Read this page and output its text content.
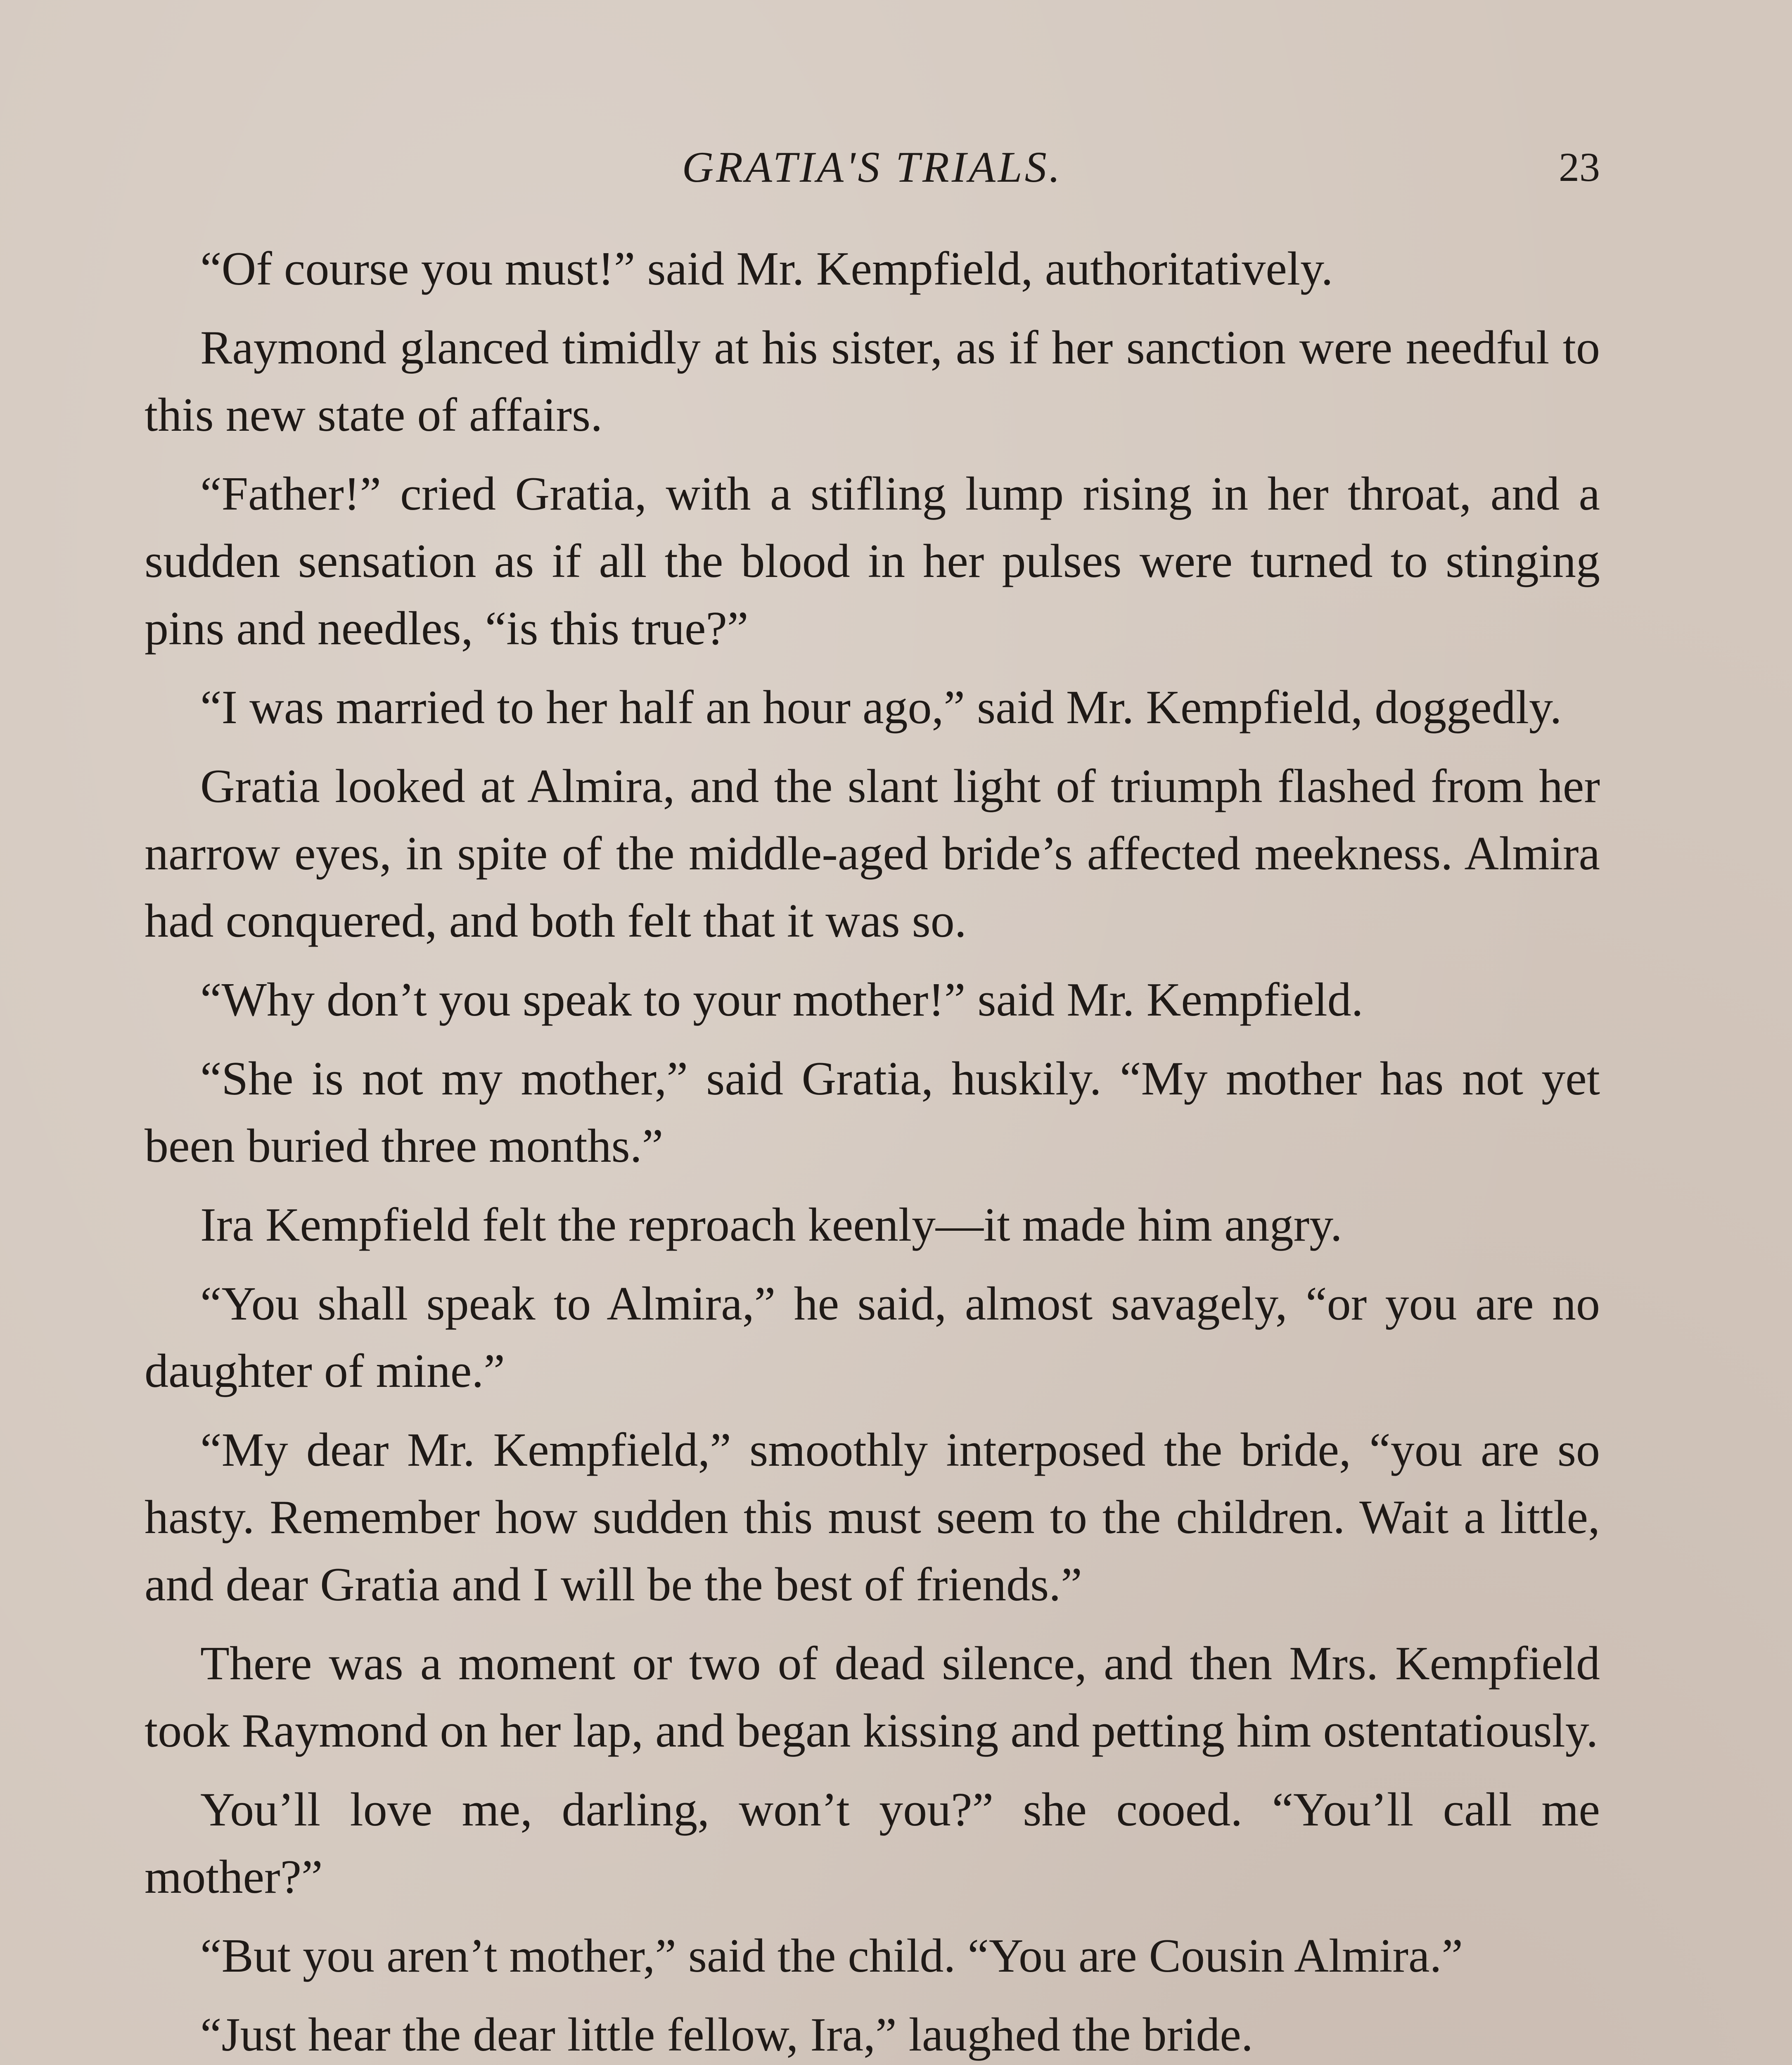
GRATIA'S TRIALS.	23

“Of course you must!” said Mr. Kempfield, authoritatively.

Raymond glanced timidly at his sister, as if her sanction were needful to this new state of affairs.

“Father!” cried Gratia, with a stifling lump rising in her throat, and a sudden sensation as if all the blood in her pulses were turned to stinging pins and needles, “is this true?”

“I was married to her half an hour ago,” said Mr. Kempfield, doggedly.

Gratia looked at Almira, and the slant light of triumph flashed from her narrow eyes, in spite of the middle-aged bride’s affected meekness. Almira had conquered, and both felt that it was so.

“Why don’t you speak to your mother!” said Mr. Kempfield.

“She is not my mother,” said Gratia, huskily. “My mother has not yet been buried three months.”

Ira Kempfield felt the reproach keenly—it made him angry.

“You shall speak to Almira,” he said, almost savagely, “or you are no daughter of mine.”

“My dear Mr. Kempfield,” smoothly interposed the bride, “you are so hasty. Remember how sudden this must seem to the children. Wait a little, and dear Gratia and I will be the best of friends.”

There was a moment or two of dead silence, and then Mrs. Kempfield took Raymond on her lap, and began kissing and petting him ostentatiously.

You’ll love me, darling, won’t you?” she cooed. “You’ll call me mother?”

“But you aren’t mother,” said the child. “You are Cousin Almira.”

“Just hear the dear little fellow, Ira,” laughed the bride.
